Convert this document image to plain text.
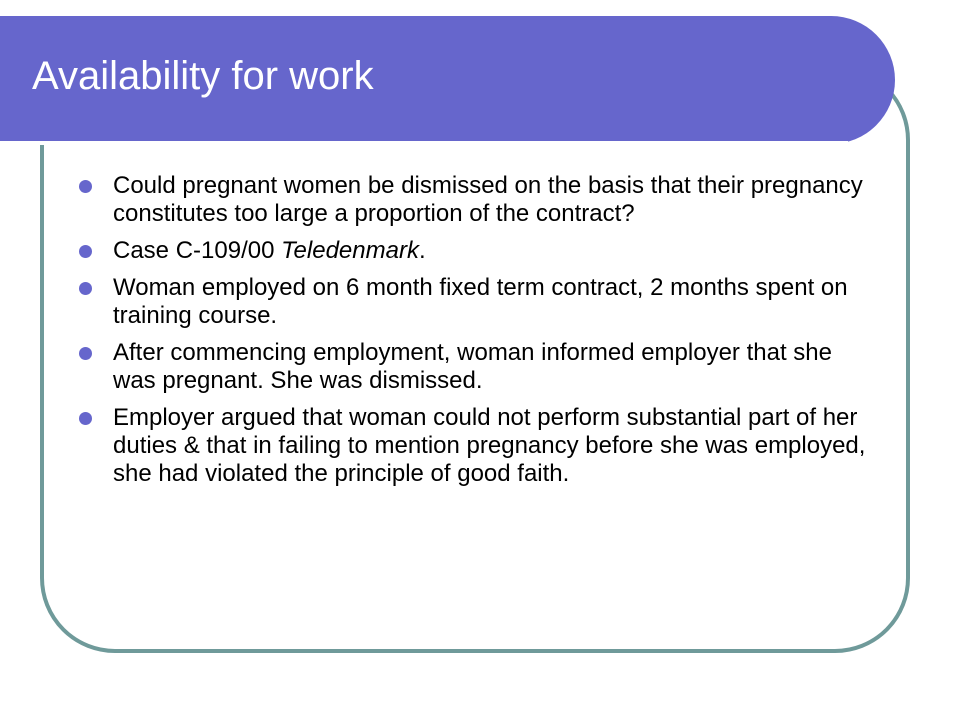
Availability for work
Could pregnant women be dismissed on the basis that their pregnancy constitutes too large a proportion of the contract?
Case C-109/00 Teledenmark.
Woman employed on 6 month fixed term contract, 2 months spent on training course.
After commencing employment, woman informed employer that she was pregnant. She was dismissed.
Employer argued that woman could not perform substantial part of her duties & that in failing to mention pregnancy before she was employed, she had violated the principle of good faith.
